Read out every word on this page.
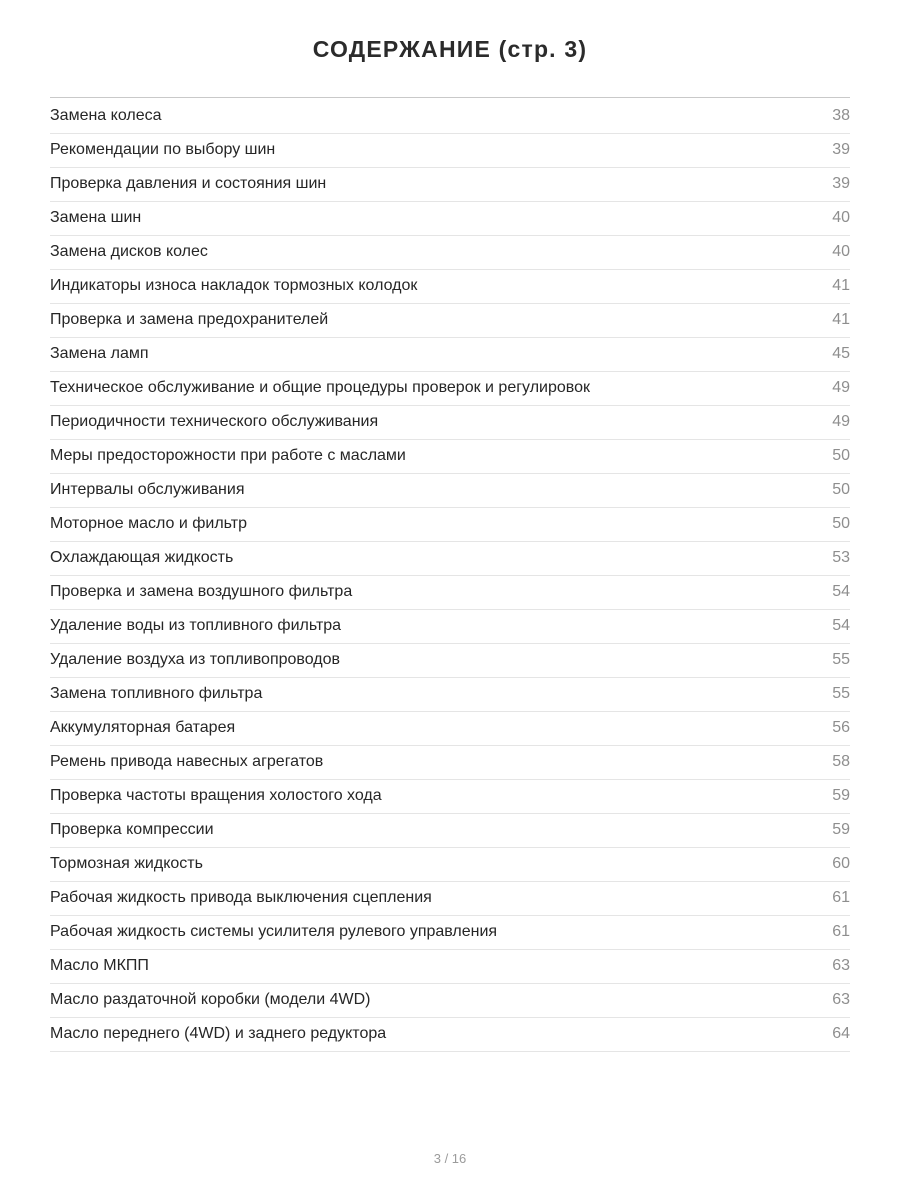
СОДЕРЖАНИЕ (стр. 3)
Замена колеса	38
Рекомендации по выбору шин	39
Проверка давления и состояния шин	39
Замена шин	40
Замена дисков колес	40
Индикаторы износа накладок тормозных колодок	41
Проверка и замена предохранителей	41
Замена ламп	45
Техническое обслуживание и общие процедуры проверок и регулировок	49
Периодичности технического обслуживания	49
Меры предосторожности при работе с маслами	50
Интервалы обслуживания	50
Моторное масло и фильтр	50
Охлаждающая жидкость	53
Проверка и замена воздушного фильтра	54
Удаление воды из топливного фильтра	54
Удаление воздуха из топливопроводов	55
Замена топливного фильтра	55
Аккумуляторная батарея	56
Ремень привода навесных агрегатов	58
Проверка частоты вращения холостого хода	59
Проверка компрессии	59
Тормозная жидкость	60
Рабочая жидкость привода выключения сцепления	61
Рабочая жидкость системы усилителя рулевого управления	61
Масло МКПП	63
Масло раздаточной коробки (модели 4WD)	63
Масло переднего (4WD) и заднего редуктора	64
3 / 16
